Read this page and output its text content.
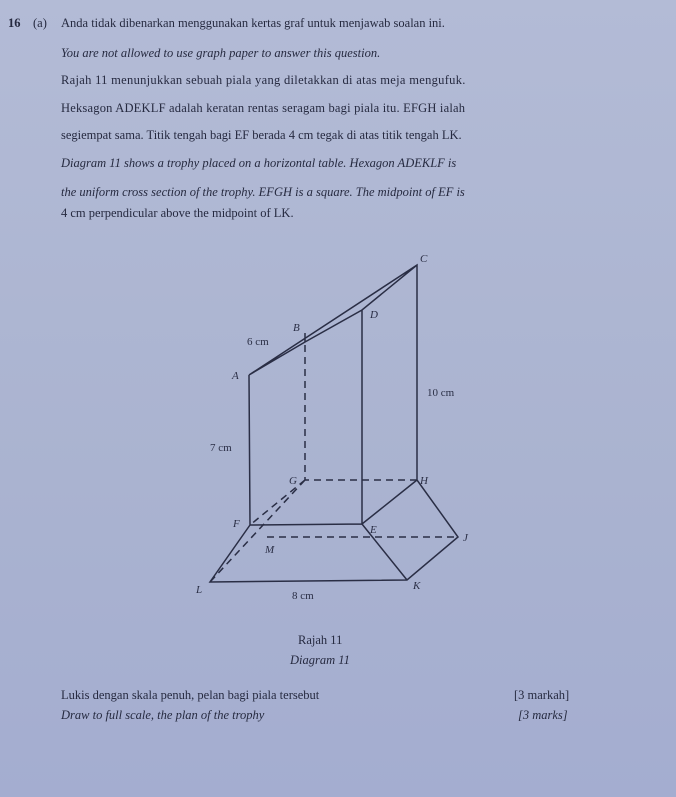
16 (a) Anda tidak dibenarkan menggunakan kertas graf untuk menjawab soalan ini.
You are not allowed to use graph paper to answer this question.
Rajah 11 menunjukkan sebuah piala yang diletakkan di atas meja mengufuk.
Heksagon ADEKLF adalah keratan rentas seragam bagi piala itu. EFGH ialah
segiempat sama. Titik tengah bagi EF berada 4 cm tegak di atas titik tengah LK.
Diagram 11 shows a trophy placed on a horizontal table. Hexagon ADEKLF is
the uniform cross section of the trophy. EFGH is a square. The midpoint of EF is
4 cm perpendicular above the midpoint of LK.
C
D
B
A
G	H
F	E
J
M
K
L
6 cm
7 cm
10 cm
8 cm
Rajah 11
Diagram 11
Lukis dengan skala penuh, pelan bagi piala tersebut
Draw to full scale, the plan of the trophy
[3 markah]
[3 marks]
